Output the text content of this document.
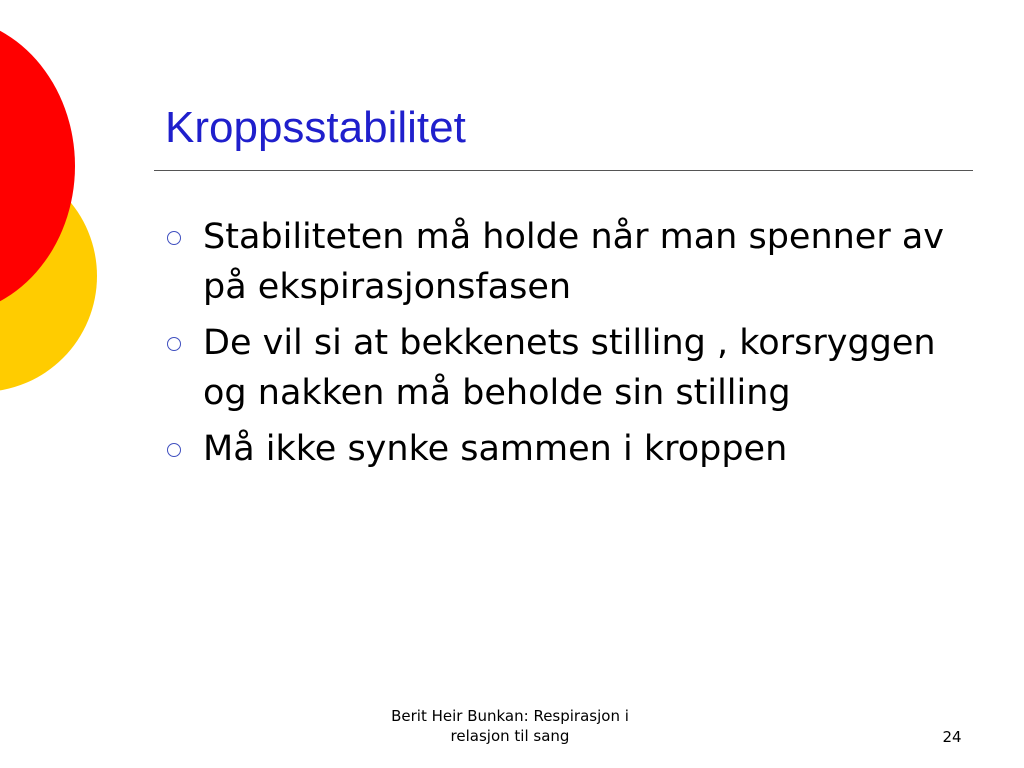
Kroppsstabilitet
Stabiliteten må holde når man spenner av på ekspirasjonsfasen
De vil si at bekkenets stilling , korsryggen og nakken må beholde sin stilling
Må ikke synke sammen i kroppen
Berit Heir Bunkan: Respirasjon i
relasjon til sang	24
